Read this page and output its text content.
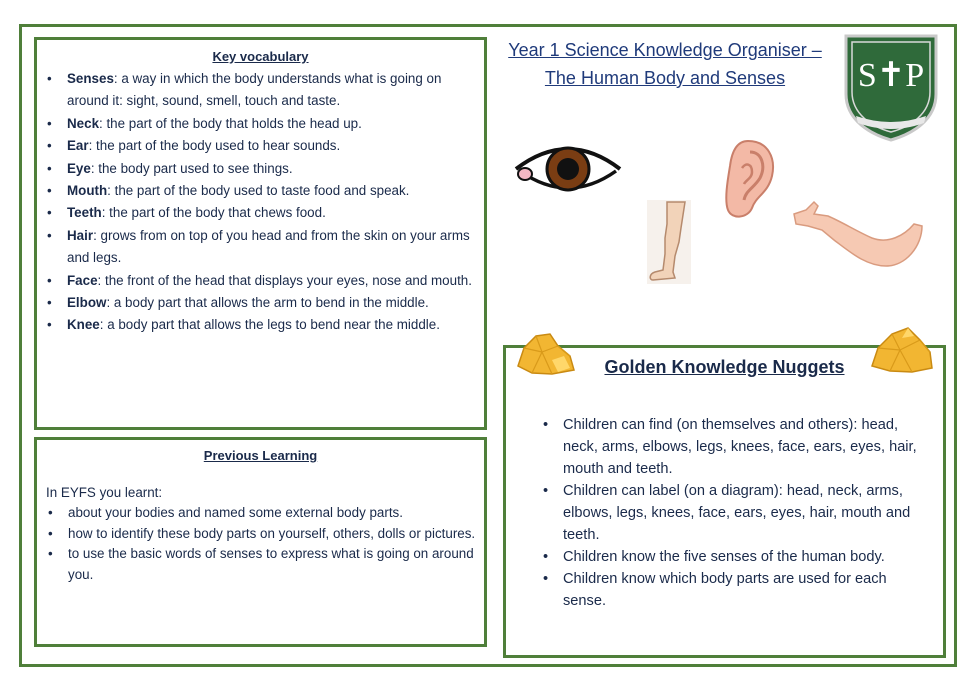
Key vocabulary
• Senses: a way in which the body understands what is going on around it: sight, sound, smell, touch and taste.
• Neck: the part of the body that holds the head up.
• Ear: the part of the body used to hear sounds.
• Eye: the body part used to see things.
• Mouth: the part of the body used to taste food and speak.
• Teeth: the part of the body that chews food.
• Hair: grows from on top of you head and from the skin on your arms and legs.
• Face: the front of the head that displays your eyes, nose and mouth.
• Elbow: a body part that allows the arm to bend in the middle.
• Knee: a body part that allows the legs to bend near the middle.
Previous Learning
In EYFS you learnt:
• about your bodies and named some external body parts.
• how to identify these body parts on yourself, others, dolls or pictures.
• to use the basic words of senses to express what is going on around you.
Year 1 Science Knowledge Organiser –
The Human Body and Senses	S✝P
Golden Knowledge Nuggets
• Children can find (on themselves and others): head, neck, arms, elbows, legs, knees, face, ears, eyes, hair, mouth and teeth.
• Children can label (on a diagram): head, neck, arms, elbows, legs, knees, face, ears, eyes, hair, mouth and teeth.
• Children know the five senses of the human body.
• Children know which body parts are used for each sense.
